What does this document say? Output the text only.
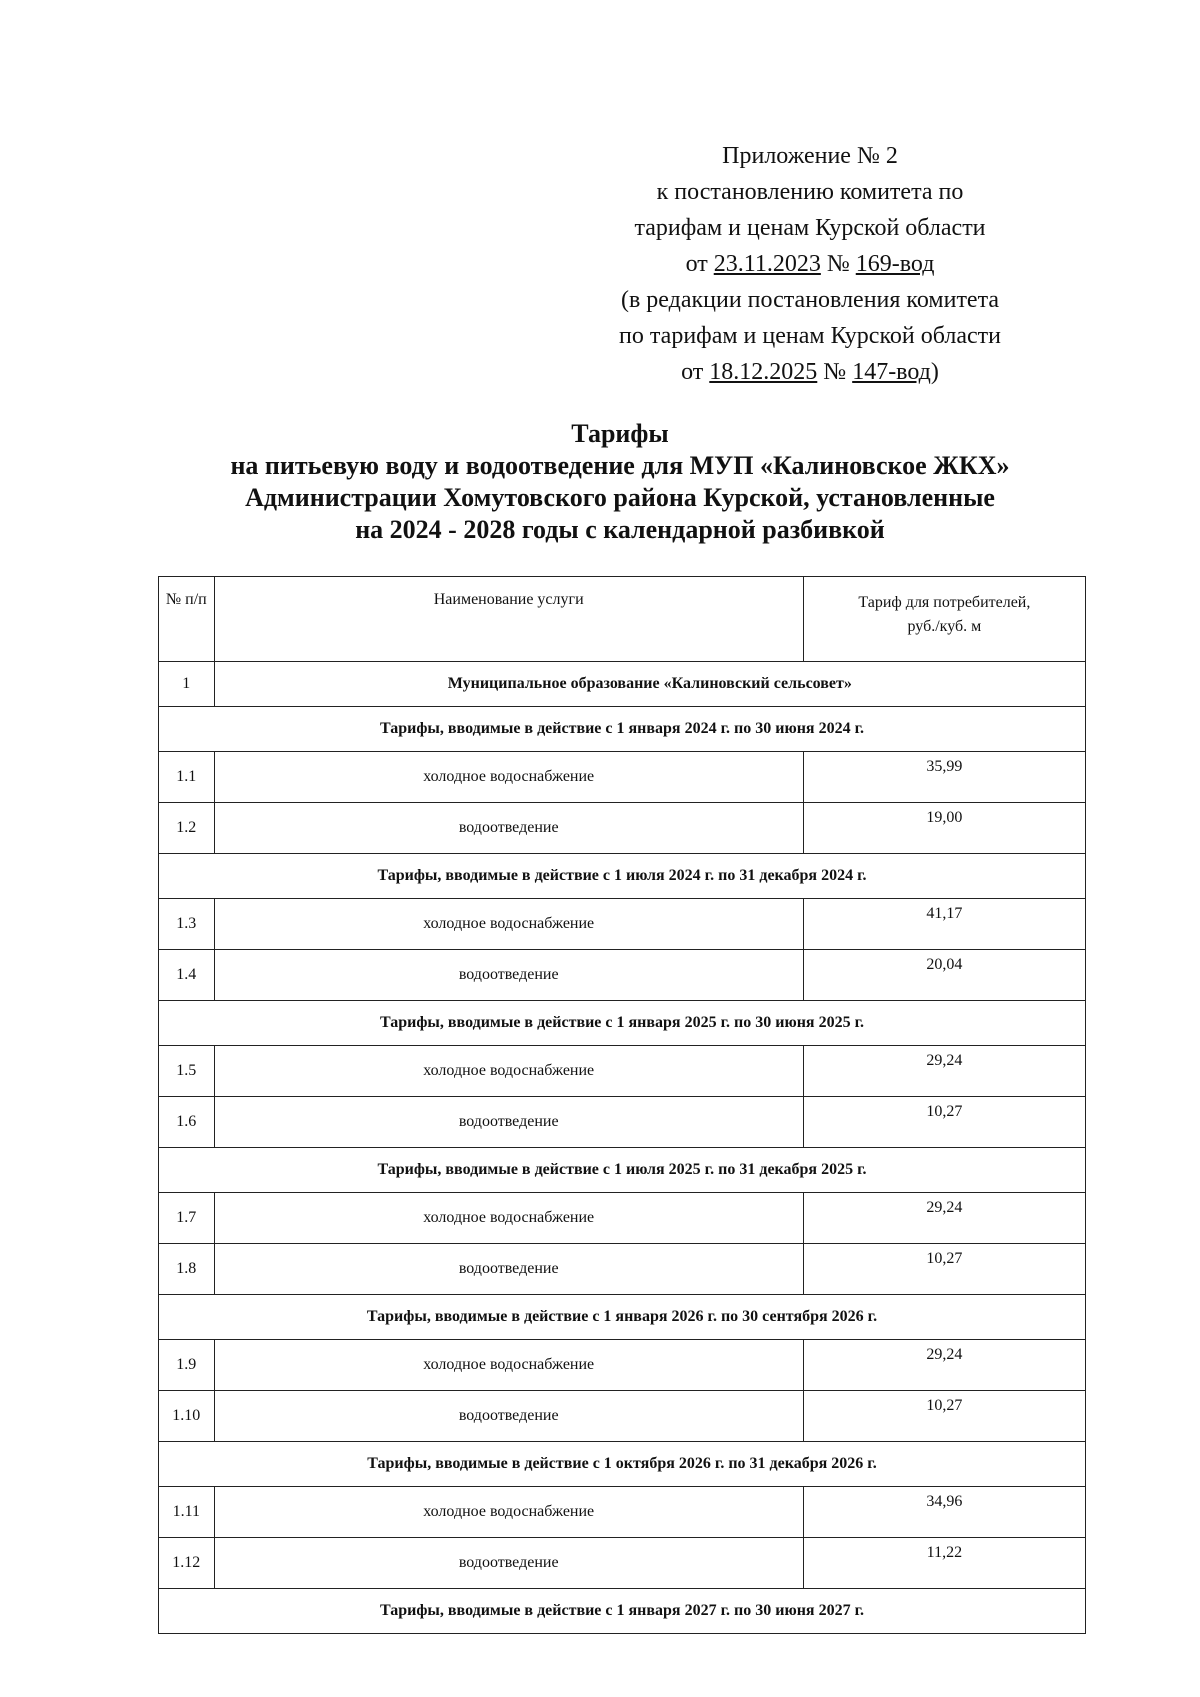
Приложение № 2
к постановлению комитета по
тарифам и ценам Курской области
от 23.11.2023 № 169-вод
(в редакции постановления комитета
по тарифам и ценам Курской области
от 18.12.2025 № 147-вод)
Тарифы
на питьевую воду и водоотведение для МУП «Калиновское ЖКХ»
Администрации Хомутовского района Курской, установленные
на 2024 - 2028 годы с календарной разбивкой
№ п/п	Наименование услуги	Тариф для потребителей,
руб./куб. м
1	Муниципальное образование «Калиновский сельсовет»	
Тарифы, вводимые в действие с 1 января 2024 г. по 30 июня 2024 г.		
1.1	холодное водоснабжение	35,99
1.2	водоотведение	19,00
Тарифы, вводимые в действие с 1 июля 2024 г. по 31 декабря 2024 г.		
1.3	холодное водоснабжение	41,17
1.4	водоотведение	20,04
Тарифы, вводимые в действие с 1 января 2025 г. по 30 июня 2025 г.		
1.5	холодное водоснабжение	29,24
1.6	водоотведение	10,27
Тарифы, вводимые в действие с 1 июля 2025 г. по 31 декабря 2025 г.		
1.7	холодное водоснабжение	29,24
1.8	водоотведение	10,27
Тарифы, вводимые в действие с 1 января 2026 г. по 30 сентября 2026 г.		
1.9	холодное водоснабжение	29,24
1.10	водоотведение	10,27
Тарифы, вводимые в действие с 1 октября 2026 г. по 31 декабря 2026 г.		
1.11	холодное водоснабжение	34,96
1.12	водоотведение	11,22
Тарифы, вводимые в действие с 1 января 2027 г. по 30 июня 2027 г.		
